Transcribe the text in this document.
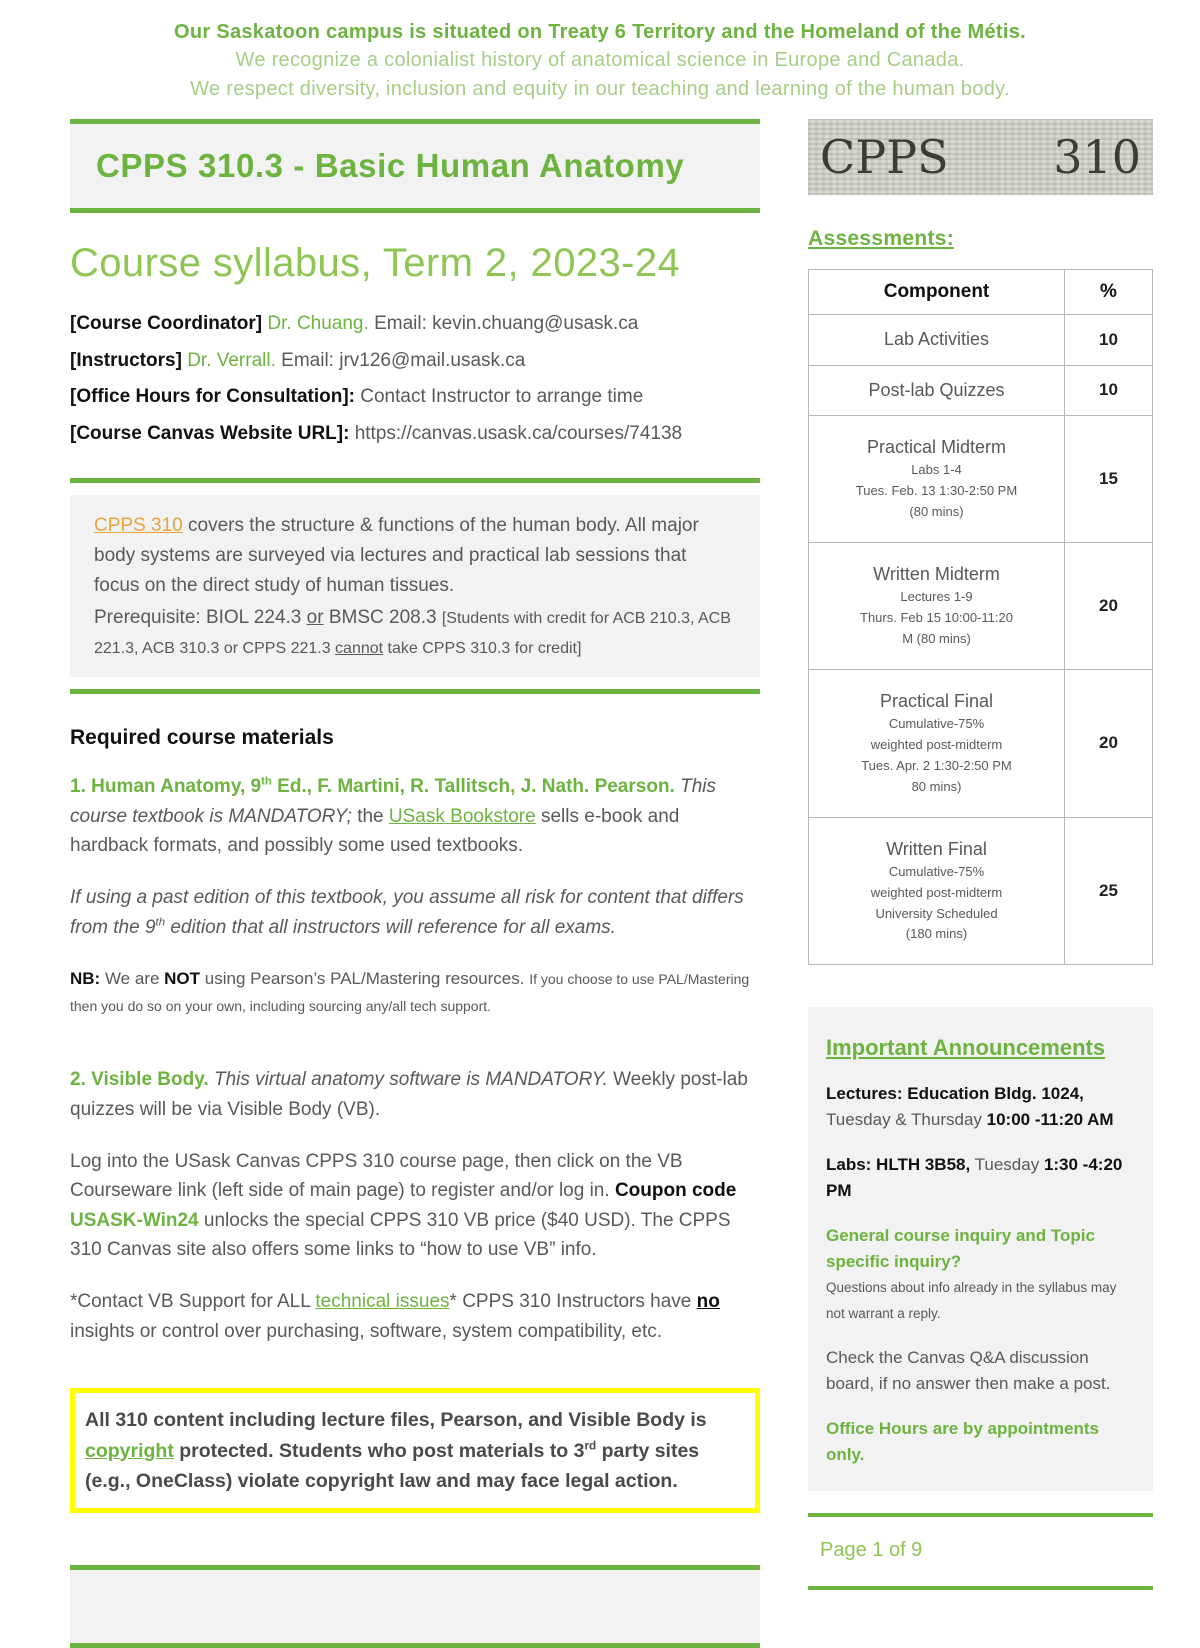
Our Saskatoon campus is situated on Treaty 6 Territory and the Homeland of the Métis.
We recognize a colonialist history of anatomical science in Europe and Canada.
We respect diversity, inclusion and equity in our teaching and learning of the human body.
CPPS 310.3 - Basic Human Anatomy
Course syllabus, Term 2, 2023-24

[Course Coordinator] Dr. Chuang. Email: kevin.chuang@usask.ca

[Instructors] Dr. Verrall. Email: jrv126@mail.usask.ca

[Office Hours for Consultation]: Contact Instructor to arrange time

[Course Canvas Website URL]: https://canvas.usask.ca/courses/74138

CPPS 310 covers the structure & functions of the human body. All major body systems are surveyed via lectures and practical lab sessions that focus on the direct study of human tissues.

Prerequisite: BIOL 224.3 or BMSC 208.3 [Students with credit for ACB 210.3, ACB 221.3, ACB 310.3 or CPPS 221.3 cannot take CPPS 310.3 for credit]

Required course materials

1. Human Anatomy, 9th Ed., F. Martini, R. Tallitsch, J. Nath. Pearson. This course textbook is MANDATORY; the USask Bookstore sells e-book and hardback formats, and possibly some used textbooks.

If using a past edition of this textbook, you assume all risk for content that differs from the 9th edition that all instructors will reference for all exams.

NB: We are NOT using Pearson’s PAL/Mastering resources. If you choose to use PAL/Mastering then you do so on your own, including sourcing any/all tech support.

2. Visible Body. This virtual anatomy software is MANDATORY. Weekly post-lab quizzes will be via Visible Body (VB).

Log into the USask Canvas CPPS 310 course page, then click on the VB Courseware link (left side of main page) to register and/or log in. Coupon code USASK-Win24 unlocks the special CPPS 310 VB price ($40 USD). The CPPS 310 Canvas site also offers some links to “how to use VB” info.

*Contact VB Support for ALL technical issues* CPPS 310 Instructors have no insights or control over purchasing, software, system compatibility, etc.

All 310 content including lecture files, Pearson, and Visible Body is copyright protected. Students who post materials to 3rd party sites (e.g., OneClass) violate copyright law and may face legal action.
CPPS 310
Assessments:
Component	%

Lab Activities	10

Post-lab Quizzes	10

Practical Midterm
Labs 1-4
Tues. Feb. 13 1:30-2:50 PM
(80 mins)	15

Written Midterm
Lectures 1-9
Thurs. Feb 15 10:00-11:20
M (80 mins)	20

Practical Final
Cumulative-75%
weighted post-midterm
Tues. Apr. 2 1:30-2:50 PM
80 mins)	20

Written Final
Cumulative-75%
weighted post-midterm
University Scheduled
(180 mins)	25
Important Announcements

Lectures: Education Bldg. 1024,
Tuesday & Thursday 10:00 -11:20 AM

Labs: HLTH 3B58, Tuesday 1:30 -4:20 PM

General course inquiry and Topic specific inquiry?
Questions about info already in the syllabus may not warrant a reply.

Check the Canvas Q&A discussion board, if no answer then make a post.

Office Hours are by appointments only.

Page 1 of 9
